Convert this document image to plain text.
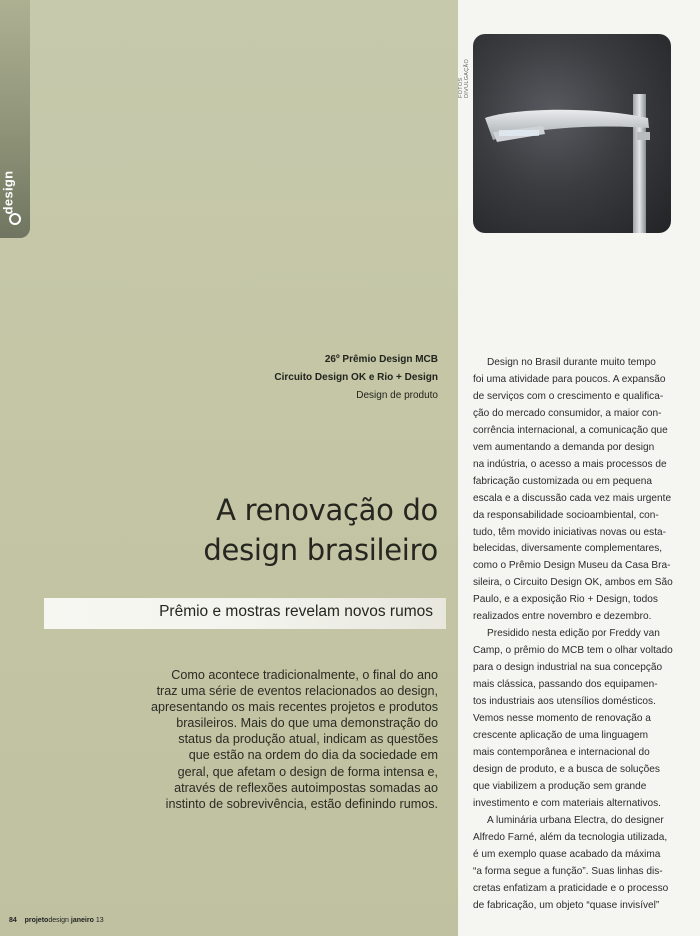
design
FOTOS DIVULGAÇÃO
26º Prêmio Design MCB
Circuito Design OK e Rio + Design
Design de produto
A renovação do
design brasileiro
Prêmio e mostras revelam novos rumos
Como acontece tradicionalmente, o final do ano
traz uma série de eventos relacionados ao design,
apresentando os mais recentes projetos e produtos
brasileiros. Mais do que uma demonstração do
status da produção atual, indicam as questões
que estão na ordem do dia da sociedade em
geral, que afetam o design de forma intensa e,
através de reflexões autoimpostas somadas ao
instinto de sobrevivência, estão definindo rumos.
Design no Brasil durante muito tempo
foi uma atividade para poucos. A expansão
de serviços com o crescimento e qualifica-
ção do mercado consumidor, a maior con-
corrência internacional, a comunicação que
vem aumentando a demanda por design
na indústria, o acesso a mais processos de
fabricação customizada ou em pequena
escala e a discussão cada vez mais urgente
da responsabilidade socioambiental, con-
tudo, têm movido iniciativas novas ou esta-
belecidas, diversamente complementares,
como o Prêmio Design Museu da Casa Bra-
sileira, o Circuito Design OK, ambos em São
Paulo, e a exposição Rio + Design, todos
realizados entre novembro e dezembro.
Presidido nesta edição por Freddy van
Camp, o prêmio do MCB tem o olhar voltado
para o design industrial na sua concepção
mais clássica, passando dos equipamen-
tos industriais aos utensílios domésticos.
Vemos nesse momento de renovação a
crescente aplicação de uma linguagem
mais contemporânea e internacional do
design de produto, e a busca de soluções
que viabilizem a produção sem grande
investimento e com materiais alternativos.
A luminária urbana Electra, do designer
Alfredo Farné, além da tecnologia utilizada,
é um exemplo quase acabado da máxima
“a forma segue a função”. Suas linhas dis-
cretas enfatizam a praticidade e o processo
de fabricação, um objeto “quase invisível”
84 projetodesign janeiro 13
